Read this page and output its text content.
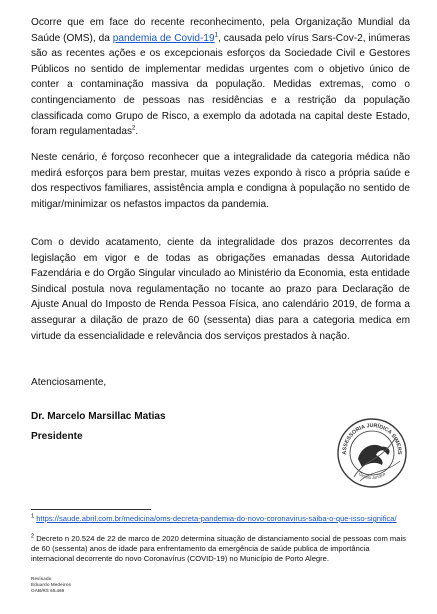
Ocorre que em face do recente reconhecimento, pela Organização Mundial da Saúde (OMS), da pandemia de Covid-$19^1$, causada pelo vírus Sars-Cov-2, inúmeras são as recentes ações e os excepcionais esforços da Sociedade Civil e Gestores Públicos no sentido de implementar medidas urgentes com o objetivo único de conter a contaminação massiva da população. Medidas extremas, como o contingenciamento de pessoas nas residências e a restrição da população classificada como Grupo de Risco, a exemplo da adotada na capital deste Estado, foram regulamentadas$^2$.
Neste cenário, é forçoso reconhecer que a integralidade da categoria médica não medirá esforços para bem prestar, muitas vezes expondo à risco a própria saúde e dos respectivos familiares, assistência ampla e condigna à população no sentido de mitigar/minimizar os nefastos impactos da pandemia.
Com o devido acatamento, ciente da integralidade dos prazos decorrentes da legislação em vigor e de todas as obrigações emanadas dessa Autoridade Fazendária e do Orgão Singular vinculado ao Ministério da Economia, esta entidade Sindical postula nova regulamentação no tocante ao prazo para Declaração de Ajuste Anual do Imposto de Renda Pessoa Física, ano calendário 2019, de forma a assegurar a dilação de prazo de 60 (sessenta) dias para a categoria medica em virtude da essencialidade e relevância dos serviços prestados à nação.
Atenciosamente,
Dr. Marcelo Marsillac Matias
Presidente
ASSESSORIA JURÍDICA SIMERS
Gestão Jurídica
$^1$ https://saude.abril.com.br/medicina/oms-decreta-pandemia-do-novo-coronavirus-saiba-o-que-isso-significa/
$^2$ Decreto n 20.524 de 22 de marco de 2020 determina situação de distanciamento social de pessoas com mais de 60 (sessenta) anos de idade para enfrentamento da emergência de saúde publica de importância internacional decorrente do novo Coronavírus (COVID-19) no Município de Porto Alegre.
Revisado
Eduardo Medeiros
OAB/RS 65.469
